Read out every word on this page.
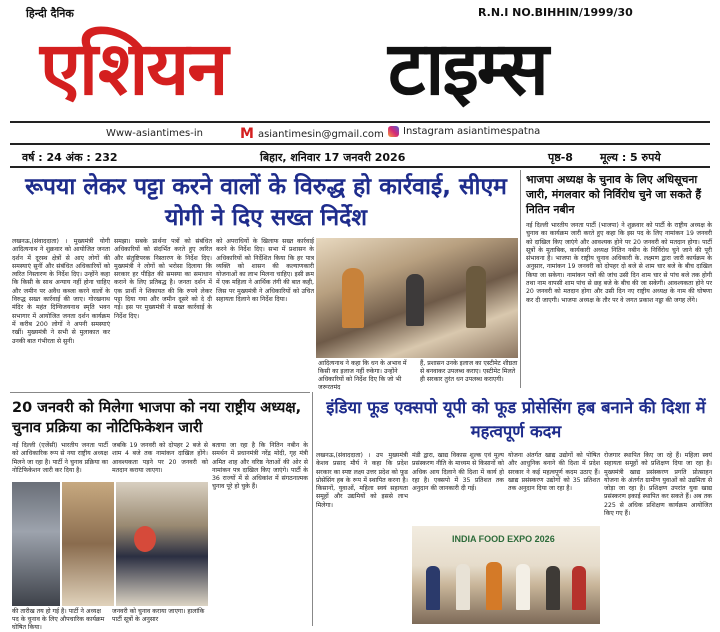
हिन्दी दैनिक	R.N.I NO.BIHHIN/1999/30
एशियन टाइम्स
Www-asiantimes-in	M asiantimesin@gmail.com Instagram asiantimespatna
वर्ष : 24 अंक : 232	बिहार, शनिवार 17 जनवरी 2026	पृष्ठ-8 मूल्य : 5 रुपये
रूपया लेकर पट्टा करने वालों के विरुद्ध हो कार्रवाई, सीएम योगी ने दिए सख्त निर्देश
लखनऊ,(संवाददाता) । मुख्यमंत्री योगी आदित्यनाथ ने शुक्रवार को आयोजित जनता दर्शन में दूरस्थ क्षेत्रों से आए लोगों की समस्याएं सुनीं और संबंधित अधिकारियों को त्वरित निस्तारण के निर्देश दिए। उन्होंने कहा कि किसी के साथ अन्याय नहीं होना चाहिए और जमीन पर अवैध कब्जा करने वालों के विरुद्ध सख्त कार्रवाई की जाए। गोरखनाथ मंदिर के महंत दिग्विजयनाथ स्मृति भवन सभागार में आयोजित जनता दर्शन कार्यक्रम में करीब 200 लोगों ने अपनी समस्याएं रखीं। मुख्यमंत्री ने सभी से मुलाकात कर उनकी बात गंभीरता से सुनी।
समझा। सबके प्रार्थना पत्रों को संबंधित अधिकारियों को संदर्भित करते हुए त्वरित और संतुष्टिपरक निस्तारण के निर्देश दिए। मुख्यमंत्री ने लोगों को भरोसा दिलाया कि सरकार हर पीड़ित की समस्या का समाधान कराने के लिए प्रतिबद्ध है। जनता दर्शन में एक प्रार्थी ने शिकायत की कि रुपये लेकर पट्टा दिया गया और जमीन दूसरे को दे दी गई। इस पर मुख्यमंत्री ने सख्त कार्रवाई के निर्देश दिए।
को अपराधियों के खिलाफ सख्त कार्रवाई करने के निर्देश दिए। सभा में प्रशासन के अधिकारियों को निर्देशित किया कि हर पात्र व्यक्ति को शासन की कल्याणकारी योजनाओं का लाभ मिलना चाहिए। इसी क्रम में एक महिला ने आर्थिक तंगी की बात कही, जिस पर मुख्यमंत्री ने अधिकारियों को उचित सहायता दिलाने का निर्देश दिया।
आदित्यनाथ ने कहा कि धन के अभाव में किसी का इलाज नहीं रुकेगा। उन्होंने अधिकारियों को निर्देश दिए कि जो भी जरूरतमंद
हैं, प्रशासन उनके इलाज का एस्टीमेट शीघ्रता से बनवाकर उपलब्ध कराए। एस्टीमेट मिलते ही सरकार तुरंत धन उपलब्ध कराएगी।
भाजपा अध्यक्ष के चुनाव के लिए अधिसूचना जारी, मंगलवार को निर्विरोध चुने जा सकते हैं नितिन नबीन
नई दिल्ली भारतीय जनता पार्टी (भाजपा) ने शुक्रवार को पार्टी के राष्ट्रीय अध्यक्ष के चुनाव का कार्यक्रम जारी करते हुए कहा कि इस पद के लिए नामांकन 19 जनवरी को दाखिल किए जाएंगे और आवश्यक होने पर 20 जनवरी को मतदान होगा। पार्टी सूत्रों के मुताबिक, कार्यकारी अध्यक्ष नितिन नबीन के निर्विरोध चुने जाने की पूरी संभावना है। भाजपा के राष्ट्रीय चुनाव अधिकारी के. लक्ष्मण द्वारा जारी कार्यक्रम के अनुसार, नामांकन 19 जनवरी को दोपहर दो बजे से शाम चार बजे के बीच दाखिल किया जा सकेगा। नामांकन पत्रों की जांच उसी दिन शाम चार से पांच बजे तक होगी तथा नाम वापसी शाम पांच से छह बजे के बीच की जा सकेगी। आवश्यकता होने पर 20 जनवरी को मतदान होगा और उसी दिन नए राष्ट्रीय अध्यक्ष के नाम की घोषणा कर दी जाएगी। भाजपा अध्यक्ष के तौर पर वे जगत प्रकाश नड्डा की जगह लेंगे।
20 जनवरी को मिलेगा भाजपा को नया राष्ट्रीय अध्यक्ष, चुनाव प्रक्रिया का नोटिफिकेशन जारी
नई दिल्ली (एजेंसी) भारतीय जनता पार्टी को आधिकारिक रूप से नया राष्ट्रीय अध्यक्ष मिलने जा रहा है। पार्टी ने चुनाव प्रक्रिया का नोटिफिकेशन जारी कर दिया है।
जबकि 19 जनवरी को दोपहर 2 बजे से शाम 4 बजे तक नामांकन दाखिल होंगे। आवश्यकता पड़ने पर 20 जनवरी को मतदान कराया जाएगा।
बताया जा रहा है कि नितिन नबीन के समर्थन में प्रधानमंत्री नरेंद्र मोदी, गृह मंत्री अमित शाह और वरिष्ठ नेताओं की ओर से नामांकन पत्र दाखिल किए जाएंगे। पार्टी के 36 राज्यों में से अधिकांश में संगठनात्मक चुनाव पूरे हो चुके हैं।
की तारीख तय हो गई है। पार्टी ने अध्यक्ष पद के चुनाव के लिए औपचारिक कार्यक्रम घोषित किया।
जनवरी को चुनाव कराया जाएगा। हालांकि पार्टी सूत्रों के अनुसार
इंडिया फूड एक्सपो यूपी को फूड प्रोसेसिंग हब बनाने की दिशा में महत्वपूर्ण कदम
लखनऊ,(संवाददाता) । उप मुख्यमंत्री केशव प्रसाद मौर्य ने कहा कि प्रदेश सरकार का स्पष्ट लक्ष्य उत्तर प्रदेश को फूड प्रोसेसिंग हब के रूप में स्थापित करना है। किसानों, युवाओं, महिला स्वयं सहायता समूहों और उद्यमियों को इससे लाभ मिलेगा।
मंडी द्वारा, खाद्य विकास शुल्क एवं मूल्य प्रसंस्करण नीति के माध्यम से किसानों को अधिक आय दिलाने की दिशा में कार्य हो रहा है। एक्सपो में 35 प्रतिशत तक अनुदान की जानकारी दी गई।
योजना अंतर्गत खाद्य उद्योगों को पोषित और आधुनिक बनाने की दिशा में प्रदेश सरकार ने कई महत्वपूर्ण कदम उठाए हैं। खाद्य प्रसंस्करण उद्योगों को 35 प्रतिशत तक अनुदान दिया जा रहा है।
रोजगार स्थापित किए जा रहे हैं। महिला स्वयं सहायता समूहों को प्रशिक्षण दिया जा रहा है। मुख्यमंत्री खाद्य प्रसंस्करण प्रगति प्रोत्साहन योजना के अंतर्गत ग्रामीण युवाओं को उद्यमिता से जोड़ा जा रहा है। प्रशिक्षण उपरांत युवा खाद्य प्रसंस्करण इकाई स्थापित कर सकते हैं। अब तक 225 से अधिक प्रशिक्षण कार्यक्रम आयोजित किए गए हैं।
INDIA FOOD EXPO 2026
